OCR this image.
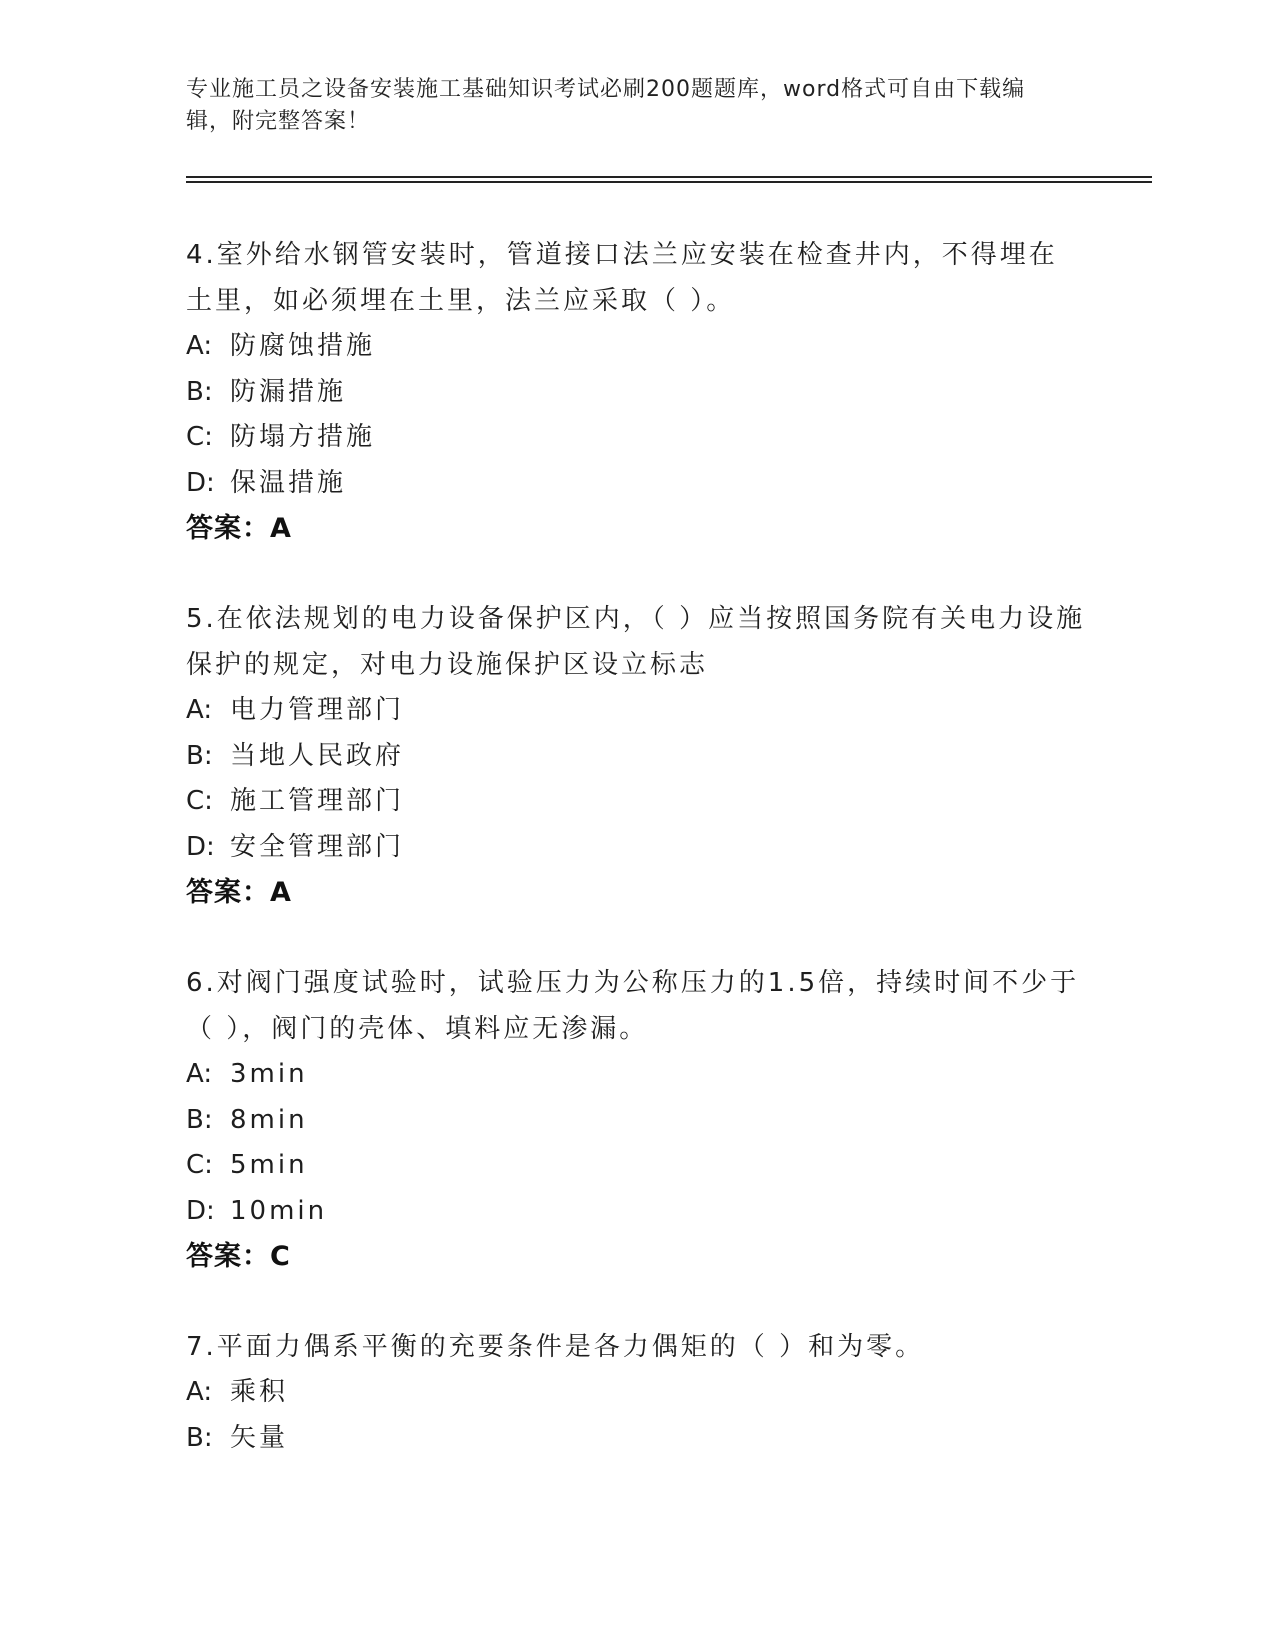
专业施工员之设备安装施工基础知识考试必刷200题题库，word格式可自由下载编辑，附完整答案！
4.室外给水钢管安装时，管道接口法兰应安装在检查井内，不得埋在土里，如必须埋在土里，法兰应采取（ ）。
A: 防腐蚀措施
B: 防漏措施
C: 防塌方措施
D: 保温措施
答案：A
5.在依法规划的电力设备保护区内，（ ）应当按照国务院有关电力设施保护的规定，对电力设施保护区设立标志
A: 电力管理部门
B: 当地人民政府
C: 施工管理部门
D: 安全管理部门
答案：A
6.对阀门强度试验时，试验压力为公称压力的1.5倍，持续时间不少于（ ），阀门的壳体、填料应无渗漏。
A: 3min
B: 8min
C: 5min
D: 10min
答案：C
7.平面力偶系平衡的充要条件是各力偶矩的（ ）和为零。
A: 乘积
B: 矢量
